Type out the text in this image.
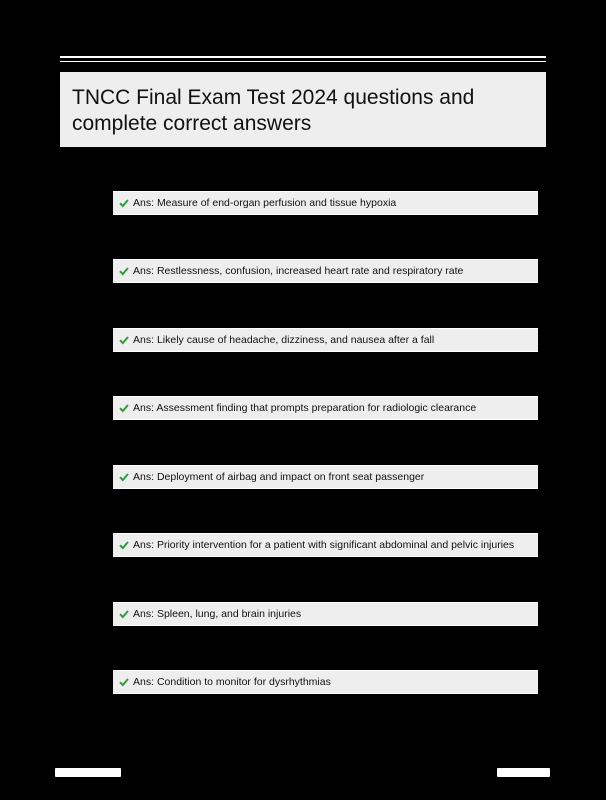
TNCC Final Exam Test 2024 questions and complete correct answers
Ans: Measure of end-organ perfusion and tissue hypoxia
Ans: Restlessness, confusion, increased heart rate and respiratory rate
Ans: Likely cause of headache, dizziness, and nausea after a fall
Ans: Assessment finding that prompts preparation for radiologic clearance
Ans: Deployment of airbag and impact on front seat passenger
Ans: Priority intervention for a patient with significant abdominal and pelvic injuries
Ans: Spleen, lung, and brain injuries
Ans: Condition to monitor for dysrhythmias
